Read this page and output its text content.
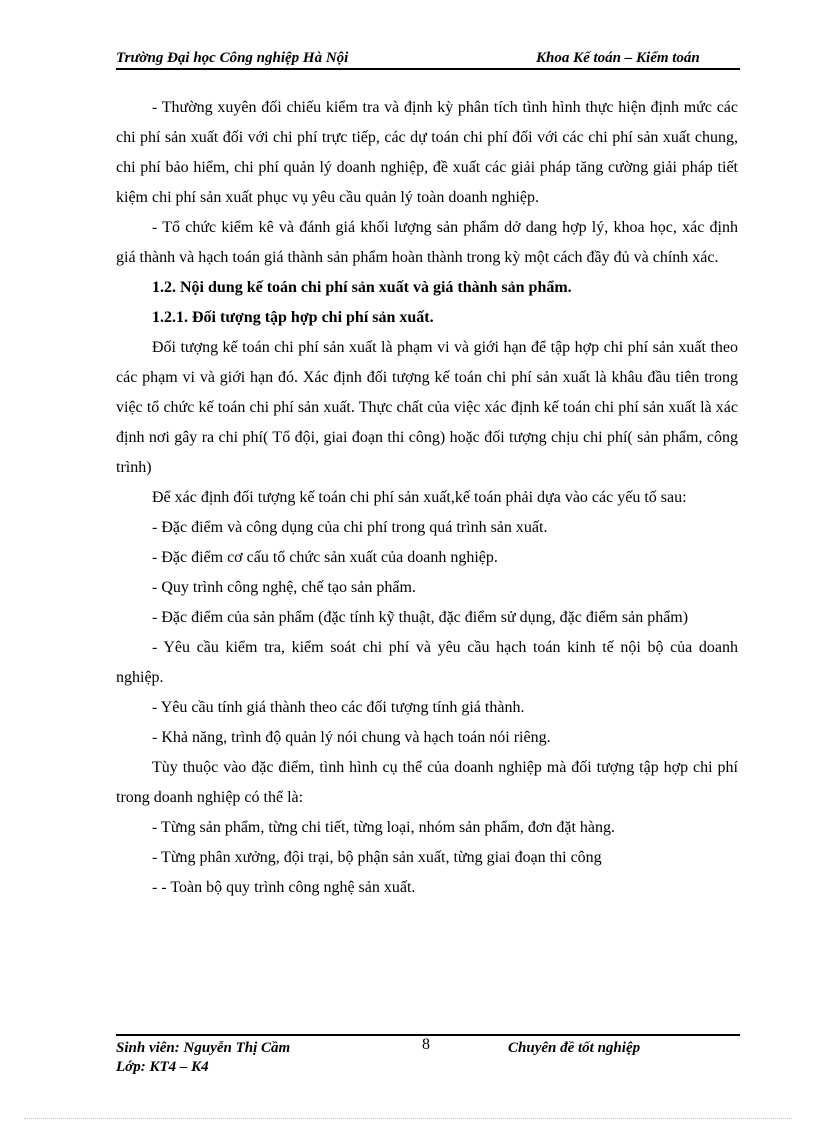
Trường Đại học Công nghiệp Hà Nội	Khoa Kế toán – Kiểm toán

- Thường xuyên đối chiếu kiểm tra và định kỳ phân tích tình hình thực hiện định mức các chi phí sản xuất đối với chi phí trực tiếp, các dự toán chi phí đối với các chi phí sản xuất chung, chi phí bảo hiểm, chi phí quản lý doanh nghiệp, đề xuất các giải pháp tăng cường giải pháp tiết kiệm chi phí sản xuất phục vụ yêu cầu quản lý toàn doanh nghiệp.

- Tổ chức kiểm kê và đánh giá khối lượng sản phẩm dở dang hợp lý, khoa học, xác định giá thành và hạch toán giá thành sản phẩm hoàn thành trong kỳ một cách đầy đủ và chính xác.

1.2. Nội dung kế toán chi phí sản xuất và giá thành sản phẩm.

1.2.1. Đối tượng tập hợp chi phí sản xuất.

Đối tượng kế toán chi phí sản xuất là phạm vi và giới hạn để tập hợp chi phí sản xuất theo các phạm vi và giới hạn đó. Xác định đối tượng kế toán chi phí sản xuất là khâu đầu tiên trong việc tổ chức kế toán chi phí sản xuất. Thực chất của việc xác định kế toán chi phí sản xuất là xác định nơi gây ra chi phí( Tổ đội, giai đoạn thi công) hoặc đối tượng chịu chi phí( sản phẩm, công trình)

Để xác định đối tượng kế toán chi phí sản xuất,kế toán phải dựa vào các yếu tố sau:

- Đặc điểm và công dụng của chi phí trong quá trình sản xuất.

- Đặc điểm cơ cấu tổ chức sản xuất của doanh nghiệp.

- Quy trình công nghệ, chế tạo sản phẩm.

- Đặc điểm của sản phẩm (đặc tính kỹ thuật, đặc điểm sử dụng, đặc điểm sản phẩm)

- Yêu cầu kiểm tra, kiểm soát chi phí và yêu cầu hạch toán kinh tế nội bộ của doanh nghiệp.

- Yêu cầu tính giá thành theo các đối tượng tính giá thành.

- Khả năng, trình độ quản lý nói chung và hạch toán nói riêng.

Tùy thuộc vào đặc điểm, tình hình cụ thể của doanh nghiệp mà đối tượng tập hợp chi phí trong doanh nghiệp có thể là:

- Từng sản phẩm, từng chi tiết, từng loại, nhóm sản phẩm, đơn đặt hàng.

- Từng phân xưởng, đội trại, bộ phận sản xuất, từng giai đoạn thi công

- - Toàn bộ quy trình công nghệ sản xuất.

Sinh viên: Nguyễn Thị Cầm
Lớp: KT4 – K4
8	Chuyên đề tốt nghiệp
